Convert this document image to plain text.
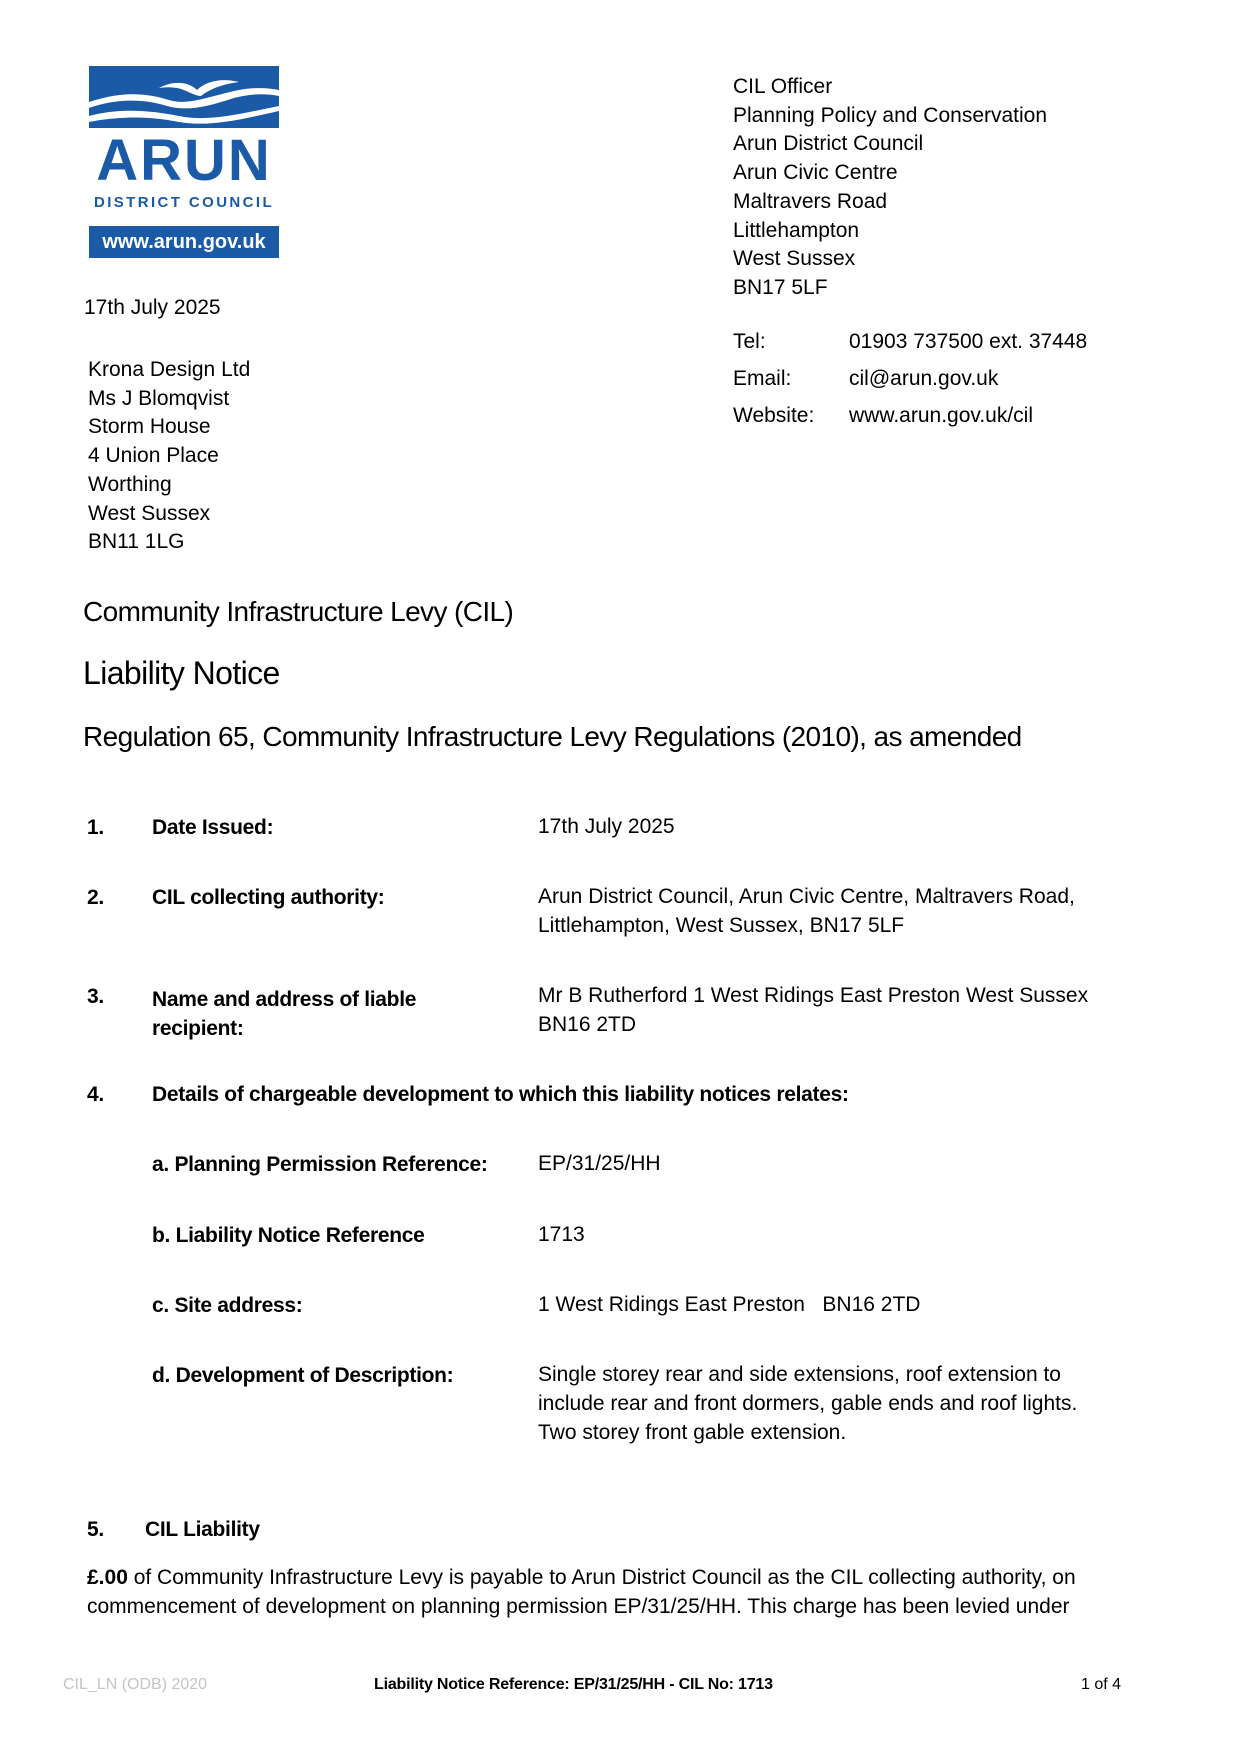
ARUN
DISTRICT COUNCIL
www.arun.gov.uk
17th July 2025
CIL Officer
Planning Policy and Conservation
Arun District Council
Arun Civic Centre
Maltravers Road
Littlehampton
West Sussex
BN17 5LF
Tel:	01903 737500 ext. 37448
Email:	cil@arun.gov.uk
Website: www.arun.gov.uk/cil
Krona Design Ltd
Ms J Blomqvist
Storm House
4 Union Place
Worthing
West Sussex
BN11 1LG
Community Infrastructure Levy (CIL)
Liability Notice
Regulation 65, Community Infrastructure Levy Regulations (2010), as amended
1. Date Issued:	17th July 2025
2. CIL collecting authority:	Arun District Council, Arun Civic Centre, Maltravers Road,
Littlehampton, West Sussex, BN17 5LF
3. Name and address of liable
recipient:
Mr B Rutherford 1 West Ridings East Preston West Sussex
BN16 2TD
4. Details of chargeable development to which this liability notices relates:
a. Planning Permission Reference: EP/31/25/HH
b. Liability Notice Reference	1713
c. Site address:	1 West Ridings East Preston   BN16 2TD
d. Development of Description:	Single storey rear and side extensions, roof extension to
include rear and front dormers, gable ends and roof lights.
Two storey front gable extension.
5. CIL Liability
£.00 of Community Infrastructure Levy is payable to Arun District Council as the CIL collecting authority, on
commencement of development on planning permission EP/31/25/HH. This charge has been levied under
CIL_LN (ODB) 2020	Liability Notice Reference: EP/31/25/HH - CIL No: 1713	1 of 4
